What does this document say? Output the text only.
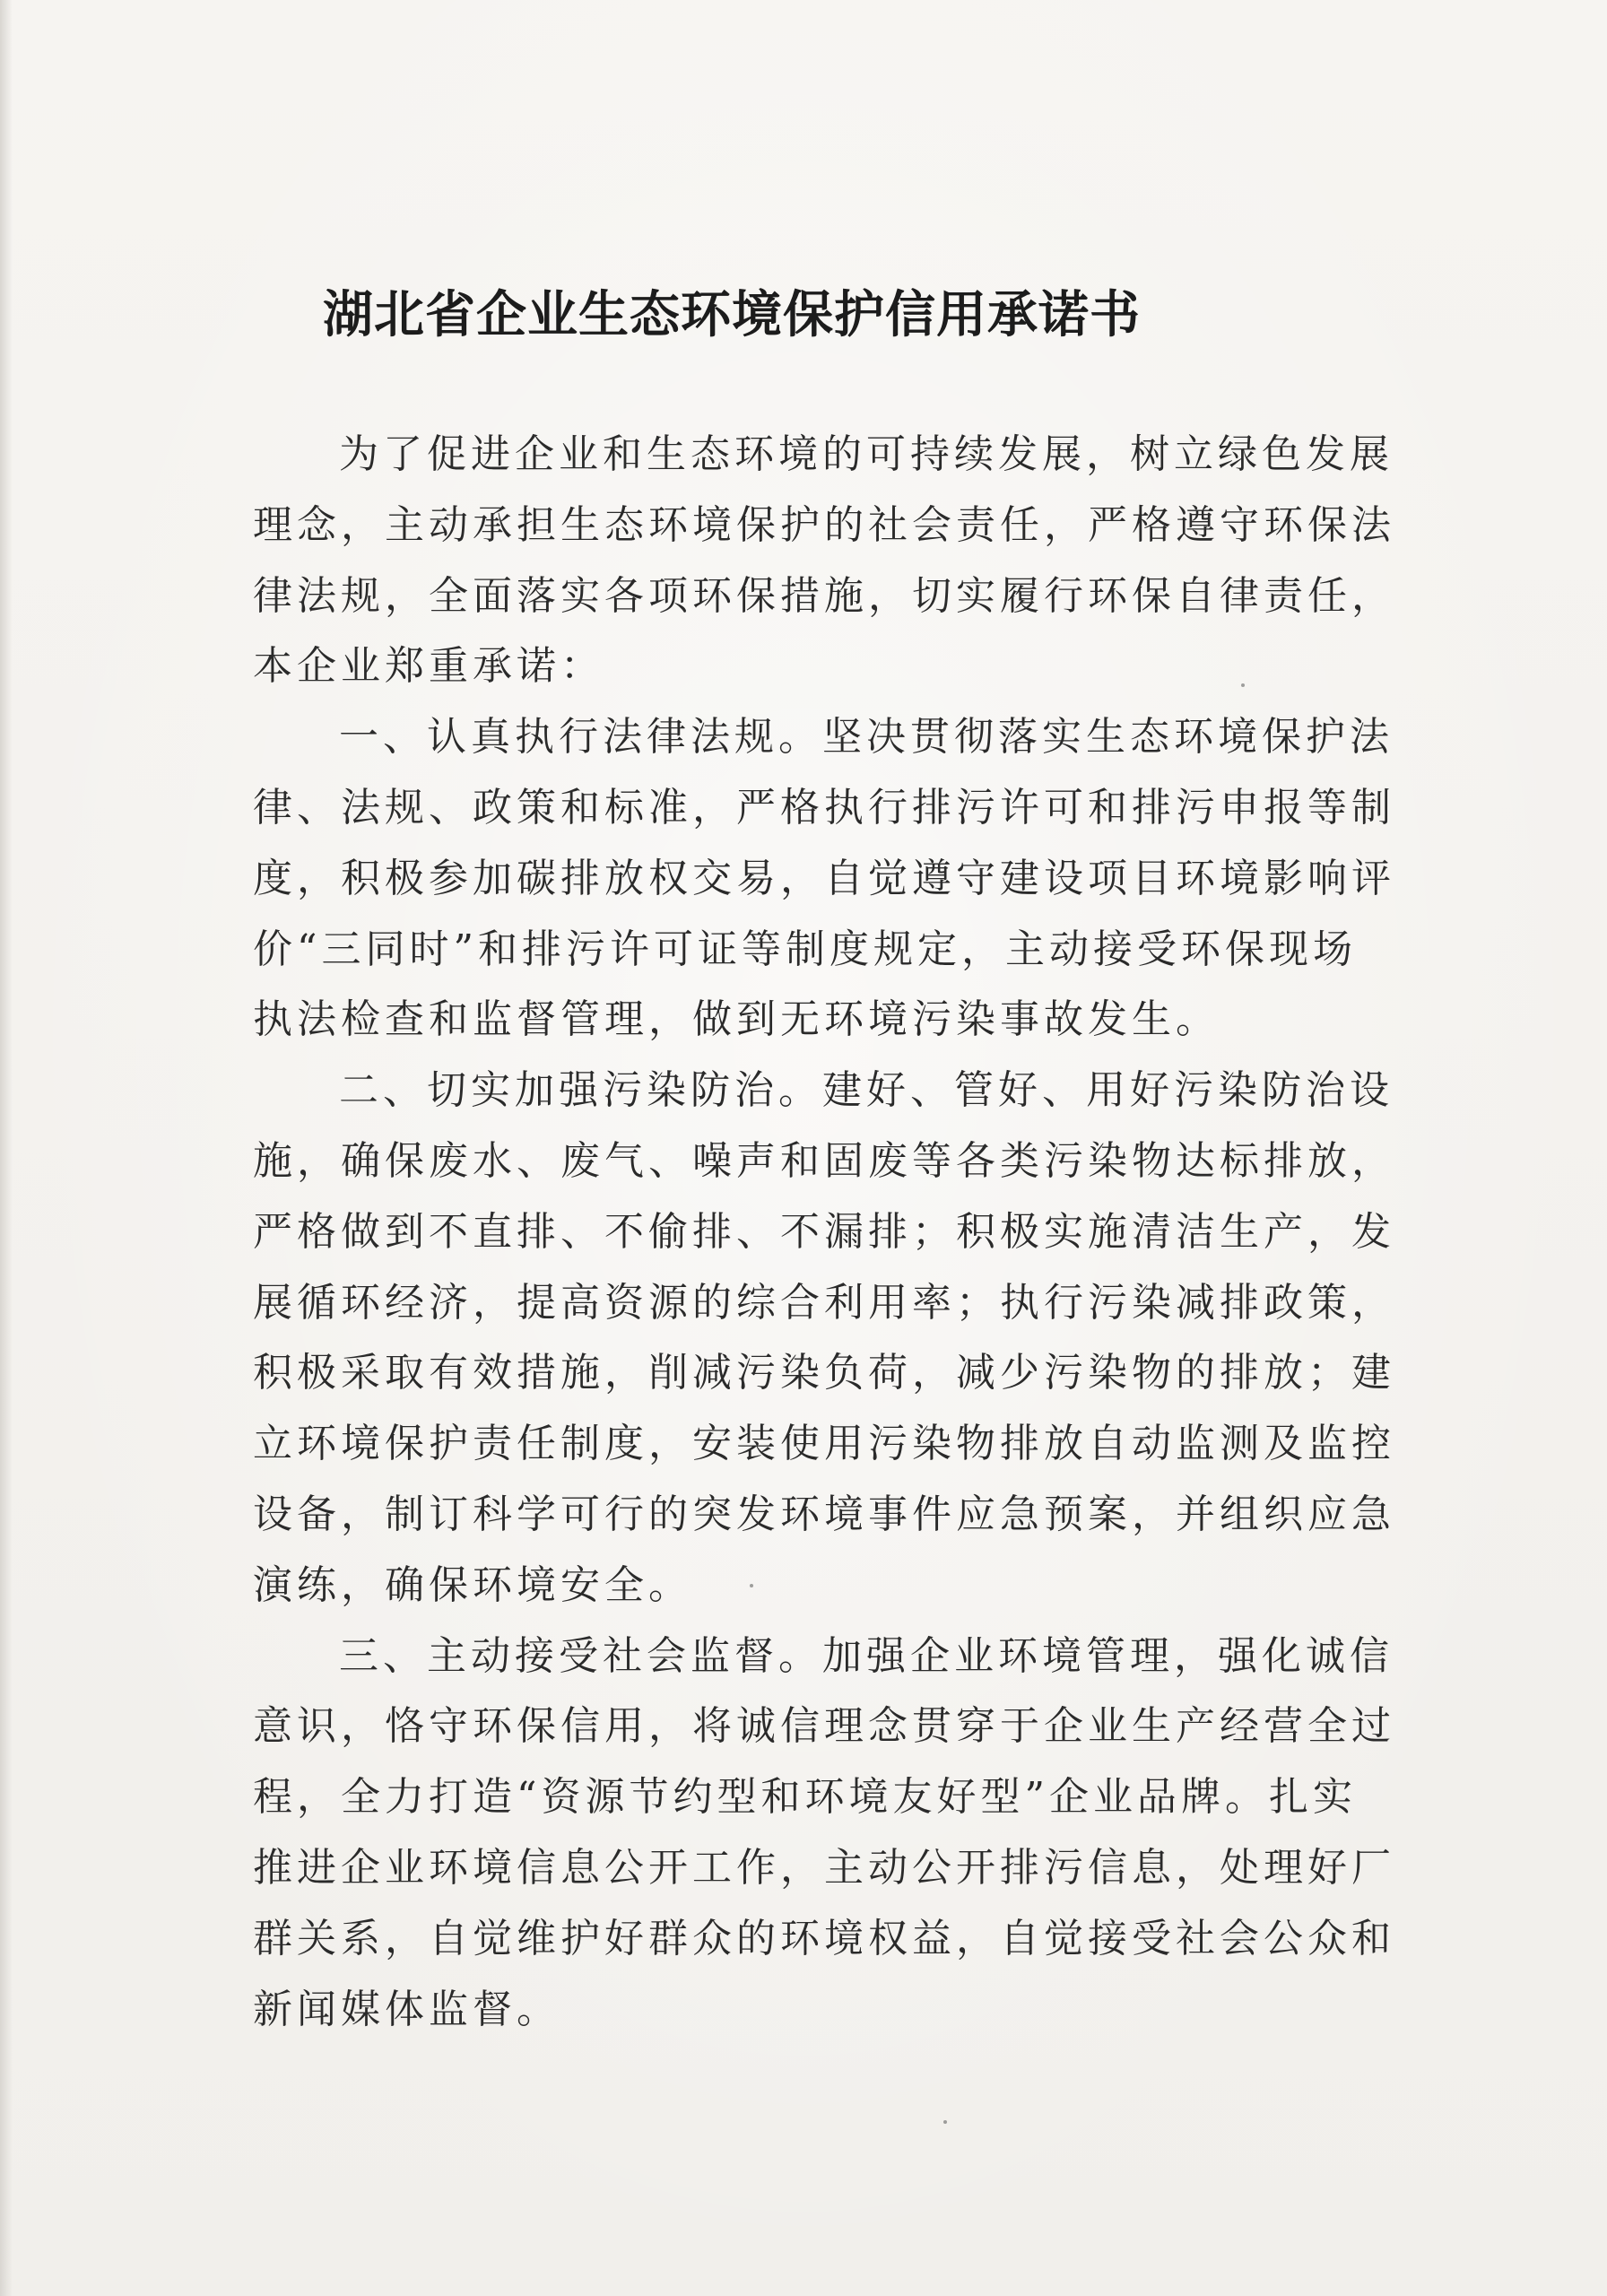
湖北省企业生态环境保护信用承诺书

为了促进企业和生态环境的可持续发展，树立绿色发展
理念，主动承担生态环境保护的社会责任，严格遵守环保法
律法规，全面落实各项环保措施，切实履行环保自律责任，
本企业郑重承诺：

一、认真执行法律法规。坚决贯彻落实生态环境保护法
律、法规、政策和标准，严格执行排污许可和排污申报等制
度，积极参加碳排放权交易，自觉遵守建设项目环境影响评
价“三同时”和排污许可证等制度规定，主动接受环保现场
执法检查和监督管理，做到无环境污染事故发生。

二、切实加强污染防治。建好、管好、用好污染防治设
施，确保废水、废气、噪声和固废等各类污染物达标排放，
严格做到不直排、不偷排、不漏排；积极实施清洁生产，发
展循环经济，提高资源的综合利用率；执行污染减排政策，
积极采取有效措施，削减污染负荷，减少污染物的排放；建
立环境保护责任制度，安装使用污染物排放自动监测及监控
设备，制订科学可行的突发环境事件应急预案，并组织应急
演练，确保环境安全。

三、主动接受社会监督。加强企业环境管理，强化诚信
意识，恪守环保信用，将诚信理念贯穿于企业生产经营全过
程，全力打造“资源节约型和环境友好型”企业品牌。扎实
推进企业环境信息公开工作，主动公开排污信息，处理好厂
群关系，自觉维护好群众的环境权益，自觉接受社会公众和
新闻媒体监督。
